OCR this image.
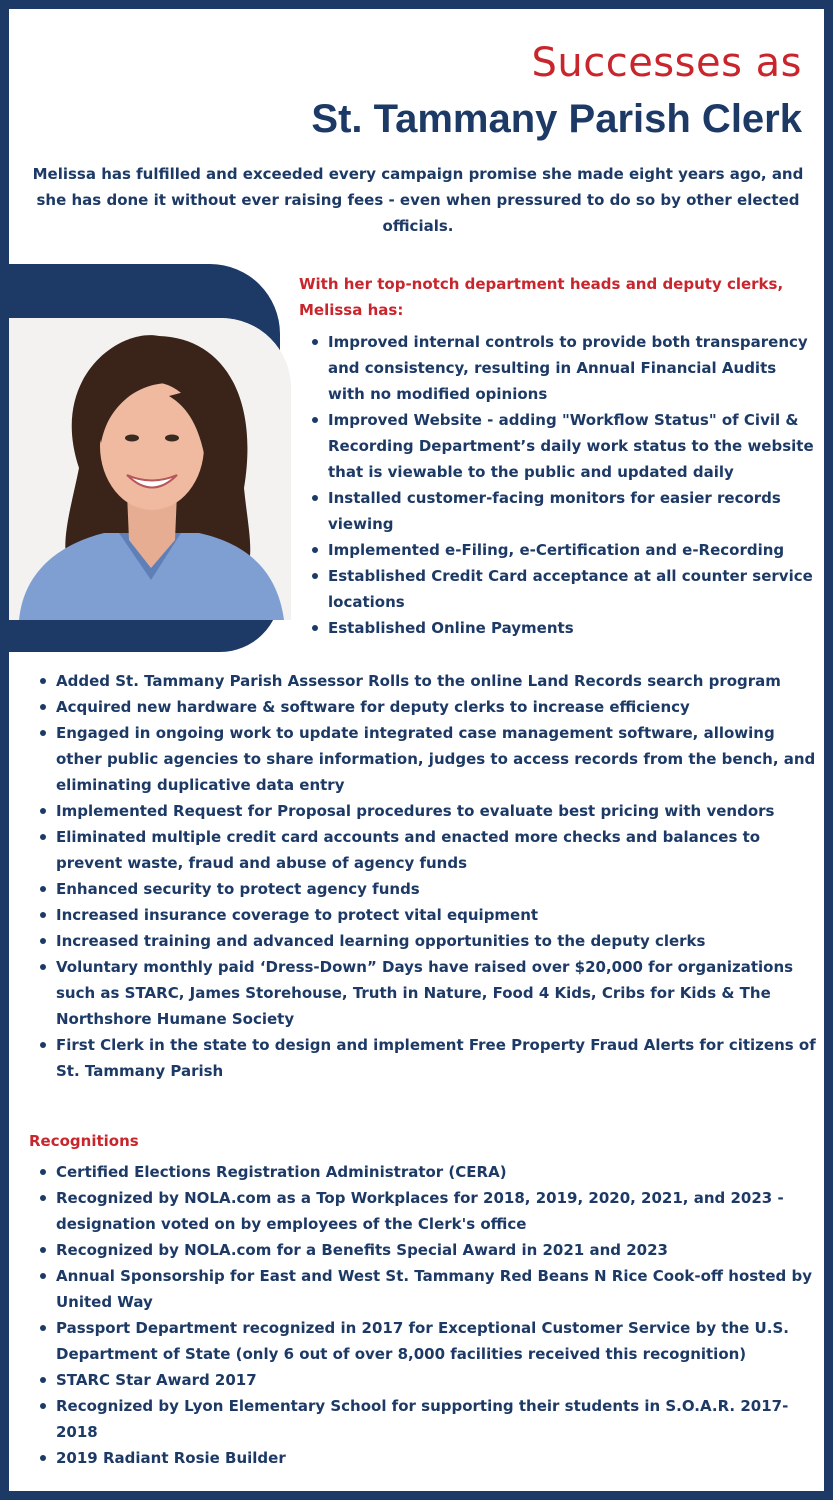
Successes as
St. Tammany Parish Clerk
Melissa has fulfilled and exceeded every campaign promise she made eight years ago, and she has done it without ever raising fees - even when pressured to do so by other elected officials.
With her top-notch department heads and deputy clerks, Melissa has:
Improved internal controls to provide both transparency and consistency, resulting in Annual Financial Audits with no modified opinions
Improved Website - adding "Workflow Status" of Civil & Recording Department’s daily work status to the website that is viewable to the public and updated daily
Installed customer-facing monitors for easier records viewing
Implemented e-Filing, e-Certification and e-Recording
Established Credit Card acceptance at all counter service locations
Established Online Payments
Added St. Tammany Parish Assessor Rolls to the online Land Records search program
Acquired new hardware & software for deputy clerks to increase efficiency
Engaged in ongoing work to update integrated case management software, allowing other public agencies to share information, judges to access records from the bench, and eliminating duplicative data entry
Implemented Request for Proposal procedures to evaluate best pricing with vendors
Eliminated multiple credit card accounts and enacted more checks and balances to prevent waste, fraud and abuse of agency funds
Enhanced security to protect agency funds
Increased insurance coverage to protect vital equipment
Increased training and advanced learning opportunities to the deputy clerks
Voluntary monthly paid ‘Dress-Down” Days have raised over $20,000 for organizations such as STARC, James Storehouse, Truth in Nature, Food 4 Kids, Cribs for Kids & The Northshore Humane Society
First Clerk in the state to design and implement Free Property Fraud Alerts for citizens of St. Tammany Parish
Recognitions
Certified Elections Registration Administrator (CERA)
Recognized by NOLA.com as a Top Workplaces for 2018, 2019, 2020, 2021, and 2023 - designation voted on by employees of the Clerk's office
Recognized by NOLA.com for a Benefits Special Award in 2021 and 2023
Annual Sponsorship for East and West St. Tammany Red Beans N Rice Cook-off hosted by United Way
Passport Department recognized in 2017 for Exceptional Customer Service by the U.S. Department of State (only 6 out of over 8,000 facilities received this recognition)
STARC Star Award 2017
Recognized by Lyon Elementary School for supporting their students in S.O.A.R. 2017-2018
2019 Radiant Rosie Builder
